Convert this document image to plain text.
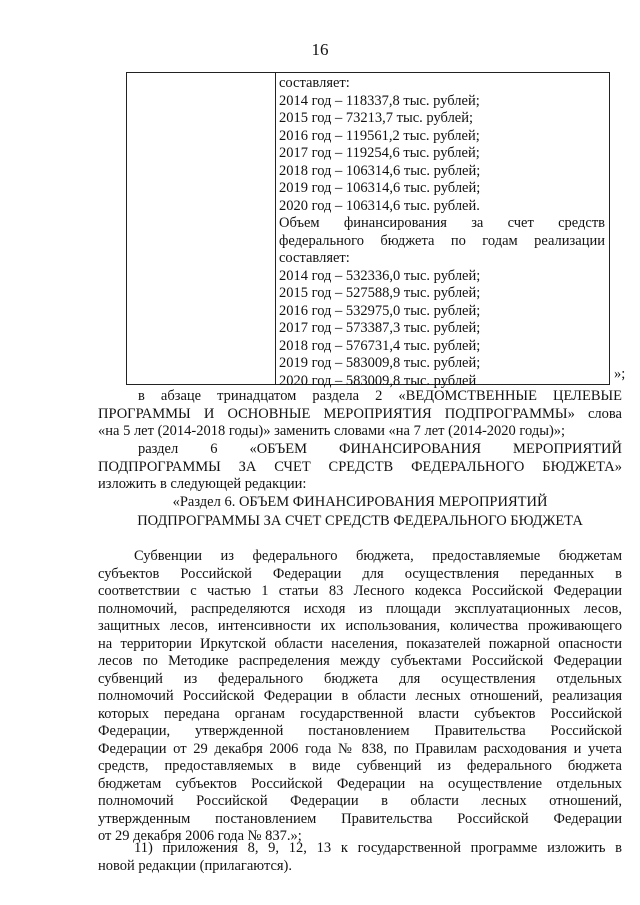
16
составляет:
2014 год – 118337,8 тыс. рублей;
2015 год – 73213,7 тыс. рублей;
2016 год – 119561,2 тыс. рублей;
2017 год – 119254,6 тыс. рублей;
2018 год – 106314,6 тыс. рублей;
2019 год – 106314,6 тыс. рублей;
2020 год – 106314,6 тыс. рублей.
Объем финансирования за счет средств
федерального бюджета по годам реализации
составляет:
2014 год – 532336,0 тыс. рублей;
2015 год – 527588,9 тыс. рублей;
2016 год – 532975,0 тыс. рублей;
2017 год – 573387,3 тыс. рублей;
2018 год – 576731,4 тыс. рублей;
2019 год – 583009,8 тыс. рублей;
2020 год – 583009,8 тыс. рублей	»;
в абзаце тринадцатом раздела 2 «ВЕДОМСТВЕННЫЕ ЦЕЛЕВЫЕ
ПРОГРАММЫ И ОСНОВНЫЕ МЕРОПРИЯТИЯ ПОДПРОГРАММЫ» слова
«на 5 лет (2014-2018 годы)» заменить словами «на 7 лет (2014-2020 годы)»;
раздел 6 «ОБЪЕМ ФИНАНСИРОВАНИЯ МЕРОПРИЯТИЙ
ПОДПРОГРАММЫ ЗА СЧЕТ СРЕДСТВ ФЕДЕРАЛЬНОГО БЮДЖЕТА»
изложить в следующей редакции:
«Раздел 6. ОБЪЕМ ФИНАНСИРОВАНИЯ МЕРОПРИЯТИЙ
ПОДПРОГРАММЫ ЗА СЧЕТ СРЕДСТВ ФЕДЕРАЛЬНОГО БЮДЖЕТА
Субвенции из федерального бюджета, предоставляемые бюджетам
субъектов Российской Федерации для осуществления переданных в
соответствии с частью 1 статьи 83 Лесного кодекса Российской Федерации
полномочий, распределяются исходя из площади эксплуатационных лесов,
защитных лесов, интенсивности их использования, количества проживающего
на территории Иркутской области населения, показателей пожарной опасности
лесов по Методике распределения между субъектами Российской Федерации
субвенций из федерального бюджета для осуществления отдельных
полномочий Российской Федерации в области лесных отношений, реализация
которых передана органам государственной власти субъектов Российской
Федерации, утвержденной постановлением Правительства Российской
Федерации от 29 декабря 2006 года № 838, по Правилам расходования и учета
средств, предоставляемых в виде субвенций из федерального бюджета
бюджетам субъектов Российской Федерации на осуществление отдельных
полномочий Российской Федерации в области лесных отношений,
утвержденным постановлением Правительства Российской Федерации
от 29 декабря 2006 года № 837.»;
11) приложения 8, 9, 12, 13 к государственной программе изложить в
новой редакции (прилагаются).
